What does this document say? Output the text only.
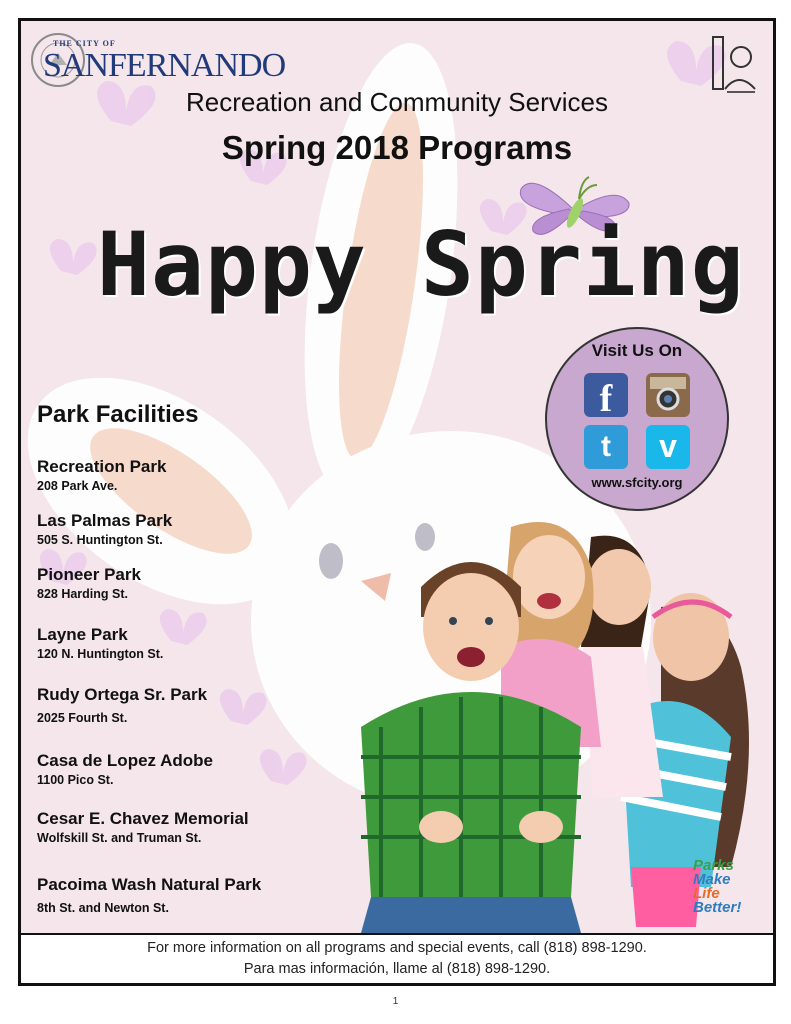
THE CITY OF
SANFERNANDO
Recreation and Community Services
Spring 2018 Programs
Happy Spring
Visit Us On
f
t	v
www.sfcity.org
Park Facilities
Recreation Park
208 Park Ave.
Las Palmas Park
505 S. Huntington St.
Pioneer Park
828 Harding St.
Layne Park
120 N. Huntington St.
Rudy Ortega Sr. Park
2025 Fourth St.
Casa de Lopez Adobe
1100 Pico St.
Cesar E. Chavez Memorial
Wolfskill St. and Truman St.
Pacoima Wash Natural Park
8th St. and Newton St.
Parks
Make
Life
Better!
For more information on all programs and special events, call (818) 898-1290.
Para mas información, llame al (818) 898-1290.
1
